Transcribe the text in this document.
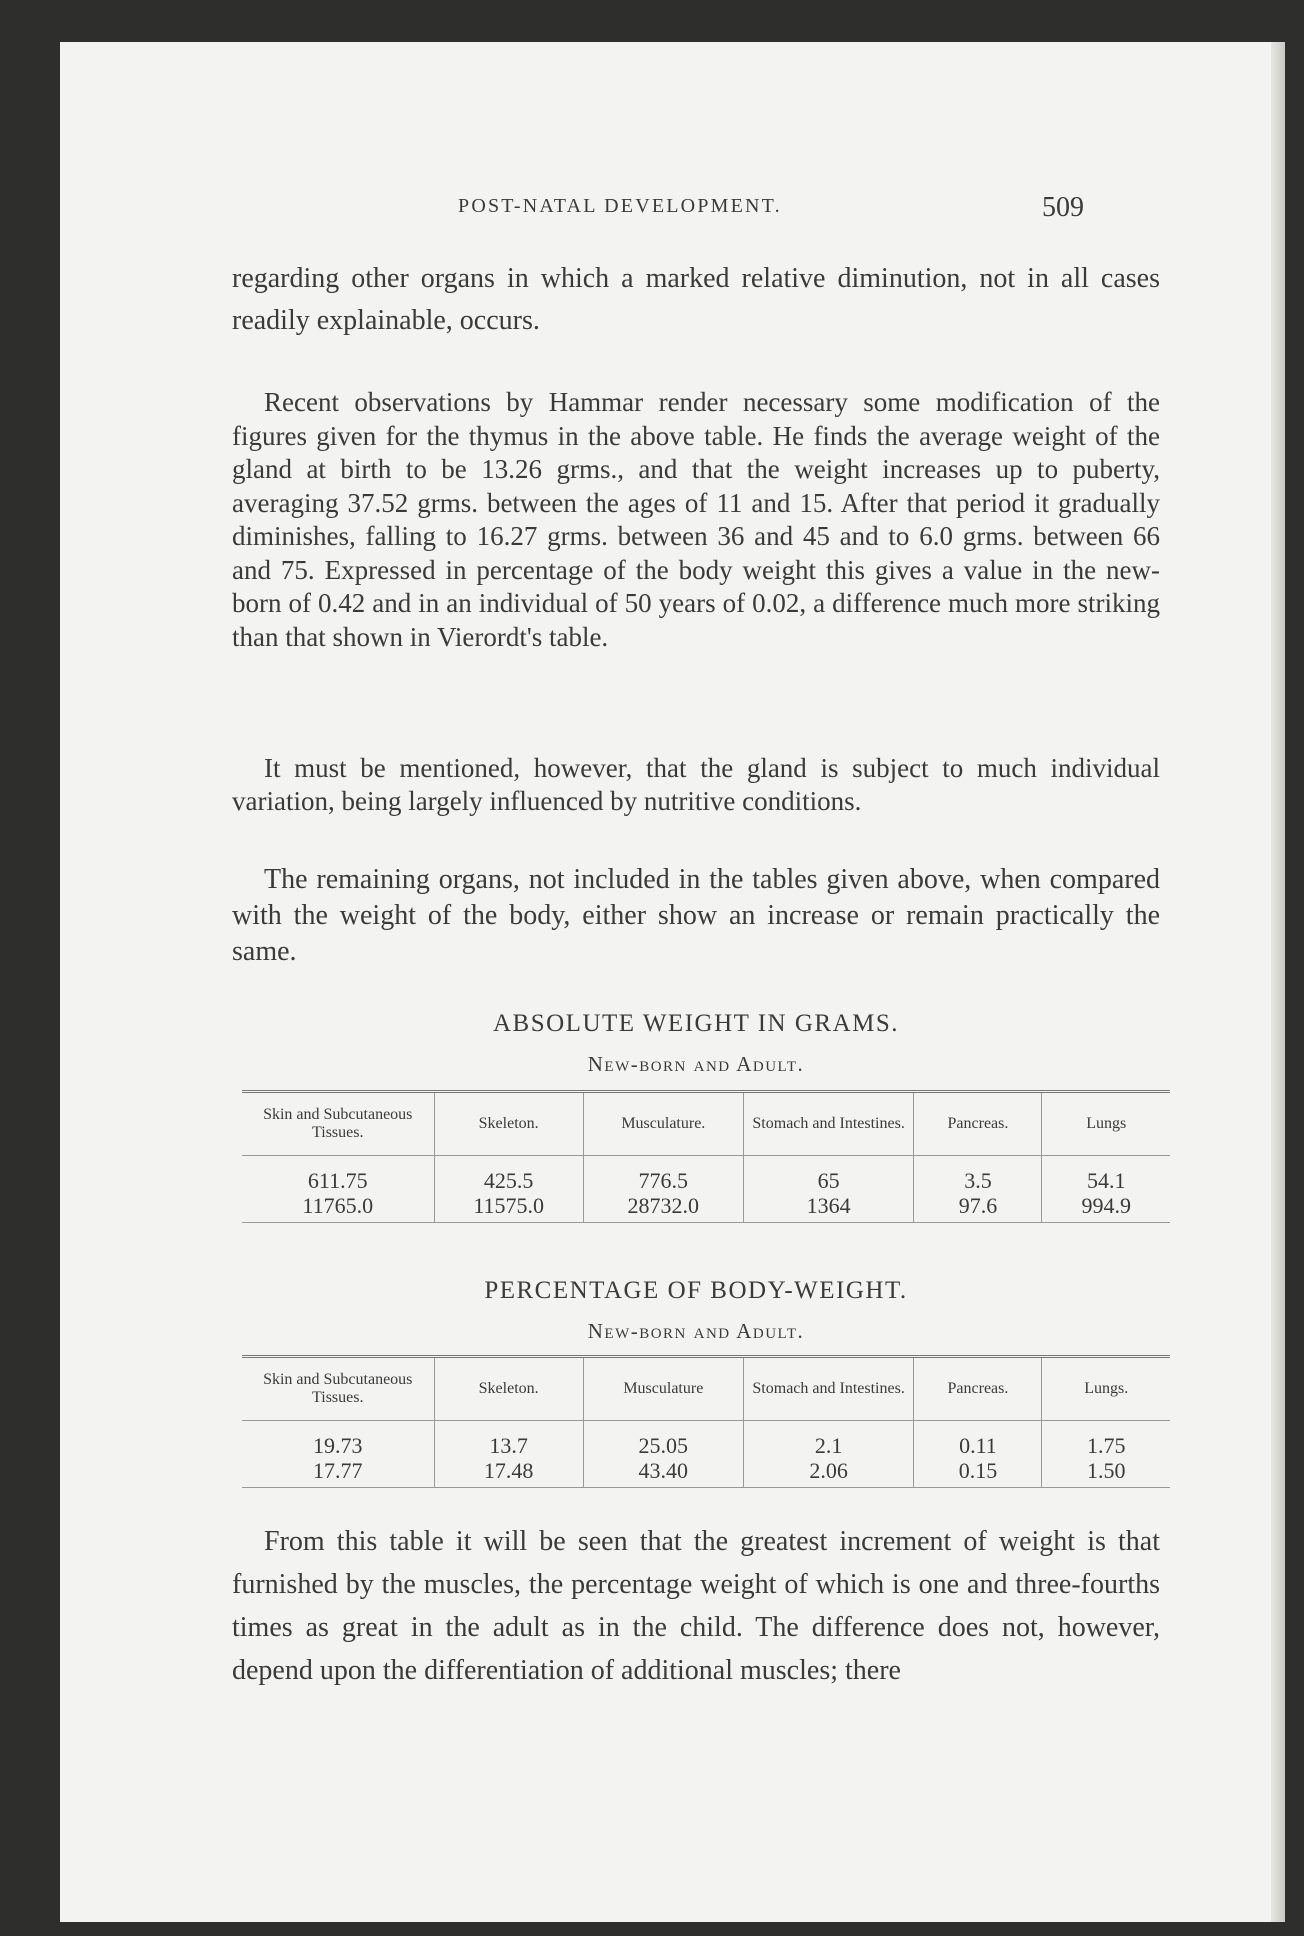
POST-NATAL DEVELOPMENT.	509

regarding other organs in which a marked relative diminution, not in all cases readily explainable, occurs.

Recent observations by Hammar render necessary some modification of the figures given for the thymus in the above table. He finds the average weight of the gland at birth to be 13.26 grms., and that the weight increases up to puberty, averaging 37.52 grms. between the ages of 11 and 15. After that period it gradually diminishes, falling to 16.27 grms. between 36 and 45 and to 6.0 grms. between 66 and 75. Expressed in percentage of the body weight this gives a value in the new-born of 0.42 and in an individual of 50 years of 0.02, a difference much more striking than that shown in Vierordt's table.

It must be mentioned, however, that the gland is subject to much individual variation, being largely influenced by nutritive conditions.

The remaining organs, not included in the tables given above, when compared with the weight of the body, either show an increase or remain practically the same.

ABSOLUTE WEIGHT IN GRAMS.
New-born and Adult.
Skin and Subcutaneous Tissues.	Skeleton.	Musculature.	Stomach and Intestines.	Pancreas.	Lungs
611.75	425.5	776.5	65	3.5	54.1
11765.0	11575.0	28732.0	1364	97.6	994.9
PERCENTAGE OF BODY-WEIGHT.
New-born and Adult.
Skin and Subcutaneous Tissues.	Skeleton.	Musculature	Stomach and Intestines.	Pancreas.	Lungs.
19.73	13.7	25.05	2.1	0.11	1.75
17.77	17.48	43.40	2.06	0.15	1.50

From this table it will be seen that the greatest increment of weight is that furnished by the muscles, the percentage weight of which is one and three-fourths times as great in the adult as in the child. The difference does not, however, depend upon the differentiation of additional muscles; there
